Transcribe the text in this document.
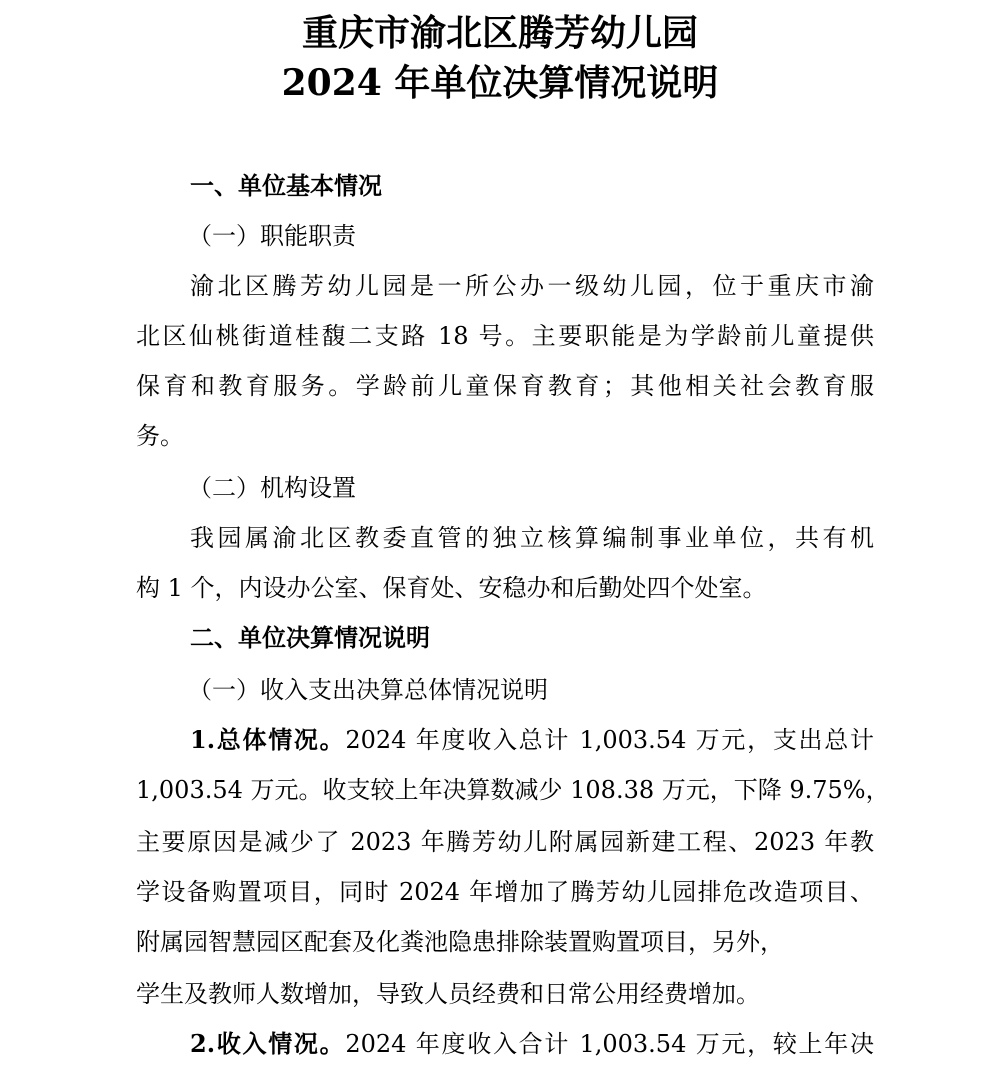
重庆市渝北区腾芳幼儿园
2024 年单位决算情况说明
一、单位基本情况
（一）职能职责
渝北区腾芳幼儿园是一所公办一级幼儿园，位于重庆市渝
北区仙桃街道桂馥二支路 18 号。主要职能是为学龄前儿童提供
保育和教育服务。学龄前儿童保育教育；其他相关社会教育服
务。
（二）机构设置
我园属渝北区教委直管的独立核算编制事业单位，共有机
构 1 个，内设办公室、保育处、安稳办和后勤处四个处室。
二、单位决算情况说明
（一）收入支出决算总体情况说明
1.总体情况。2024 年度收入总计 1,003.54 万元，支出总计
1,003.54 万元。收支较上年决算数减少 108.38 万元，下降 9.75%，
主要原因是减少了 2023 年腾芳幼儿附属园新建工程、2023 年教
学设备购置项目，同时 2024 年增加了腾芳幼儿园排危改造项目、
附属园智慧园区配套及化粪池隐患排除装置购置项目，另外，
学生及教师人数增加，导致人员经费和日常公用经费增加。
2.收入情况。2024 年度收入合计 1,003.54 万元，较上年决
